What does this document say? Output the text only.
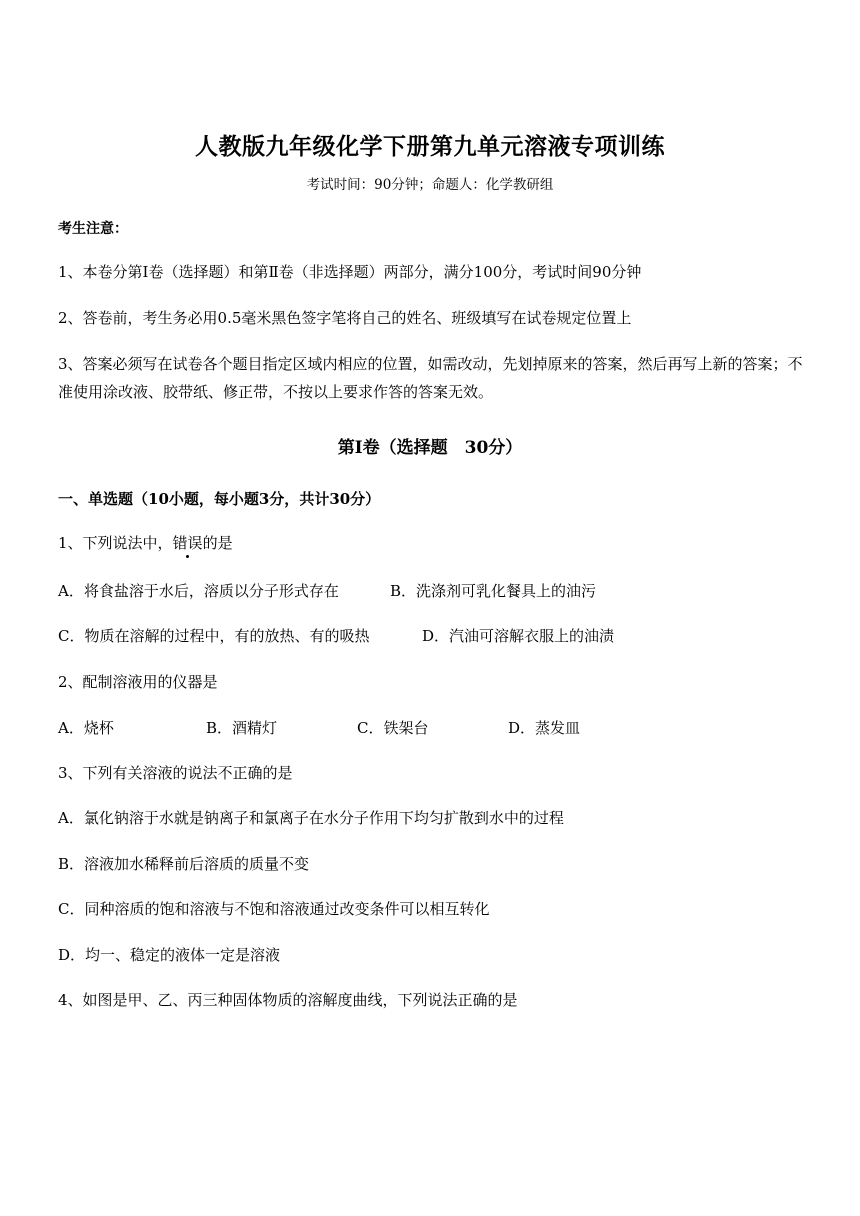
人教版九年级化学下册第九单元溶液专项训练
考试时间：90分钟；命题人：化学教研组
考生注意：
1、本卷分第Ⅰ卷（选择题）和第Ⅱ卷（非选择题）两部分，满分100分，考试时间90分钟
2、答卷前，考生务必用0.5毫米黑色签字笔将自己的姓名、班级填写在试卷规定位置上
3、答案必须写在试卷各个题目指定区域内相应的位置，如需改动，先划掉原来的答案，然后再写上新的答案；不准使用涂改液、胶带纸、修正带，不按以上要求作答的答案无效。
第Ⅰ卷（选择题　30分）
一、单选题（10小题，每小题3分，共计30分）
1、下列说法中，错误的是
A．将食盐溶于水后，溶质以分子形式存在	B．洗涤剂可乳化餐具上的油污
C．物质在溶解的过程中，有的放热、有的吸热	D．汽油可溶解衣服上的油渍
2、配制溶液用的仪器是
A．烧杯	B．酒精灯	C．铁架台	D．蒸发皿
3、下列有关溶液的说法不正确的是
A．氯化钠溶于水就是钠离子和氯离子在水分子作用下均匀扩散到水中的过程
B．溶液加水稀释前后溶质的质量不变
C．同种溶质的饱和溶液与不饱和溶液通过改变条件可以相互转化
D．均一、稳定的液体一定是溶液
4、如图是甲、乙、丙三种固体物质的溶解度曲线，下列说法正确的是
